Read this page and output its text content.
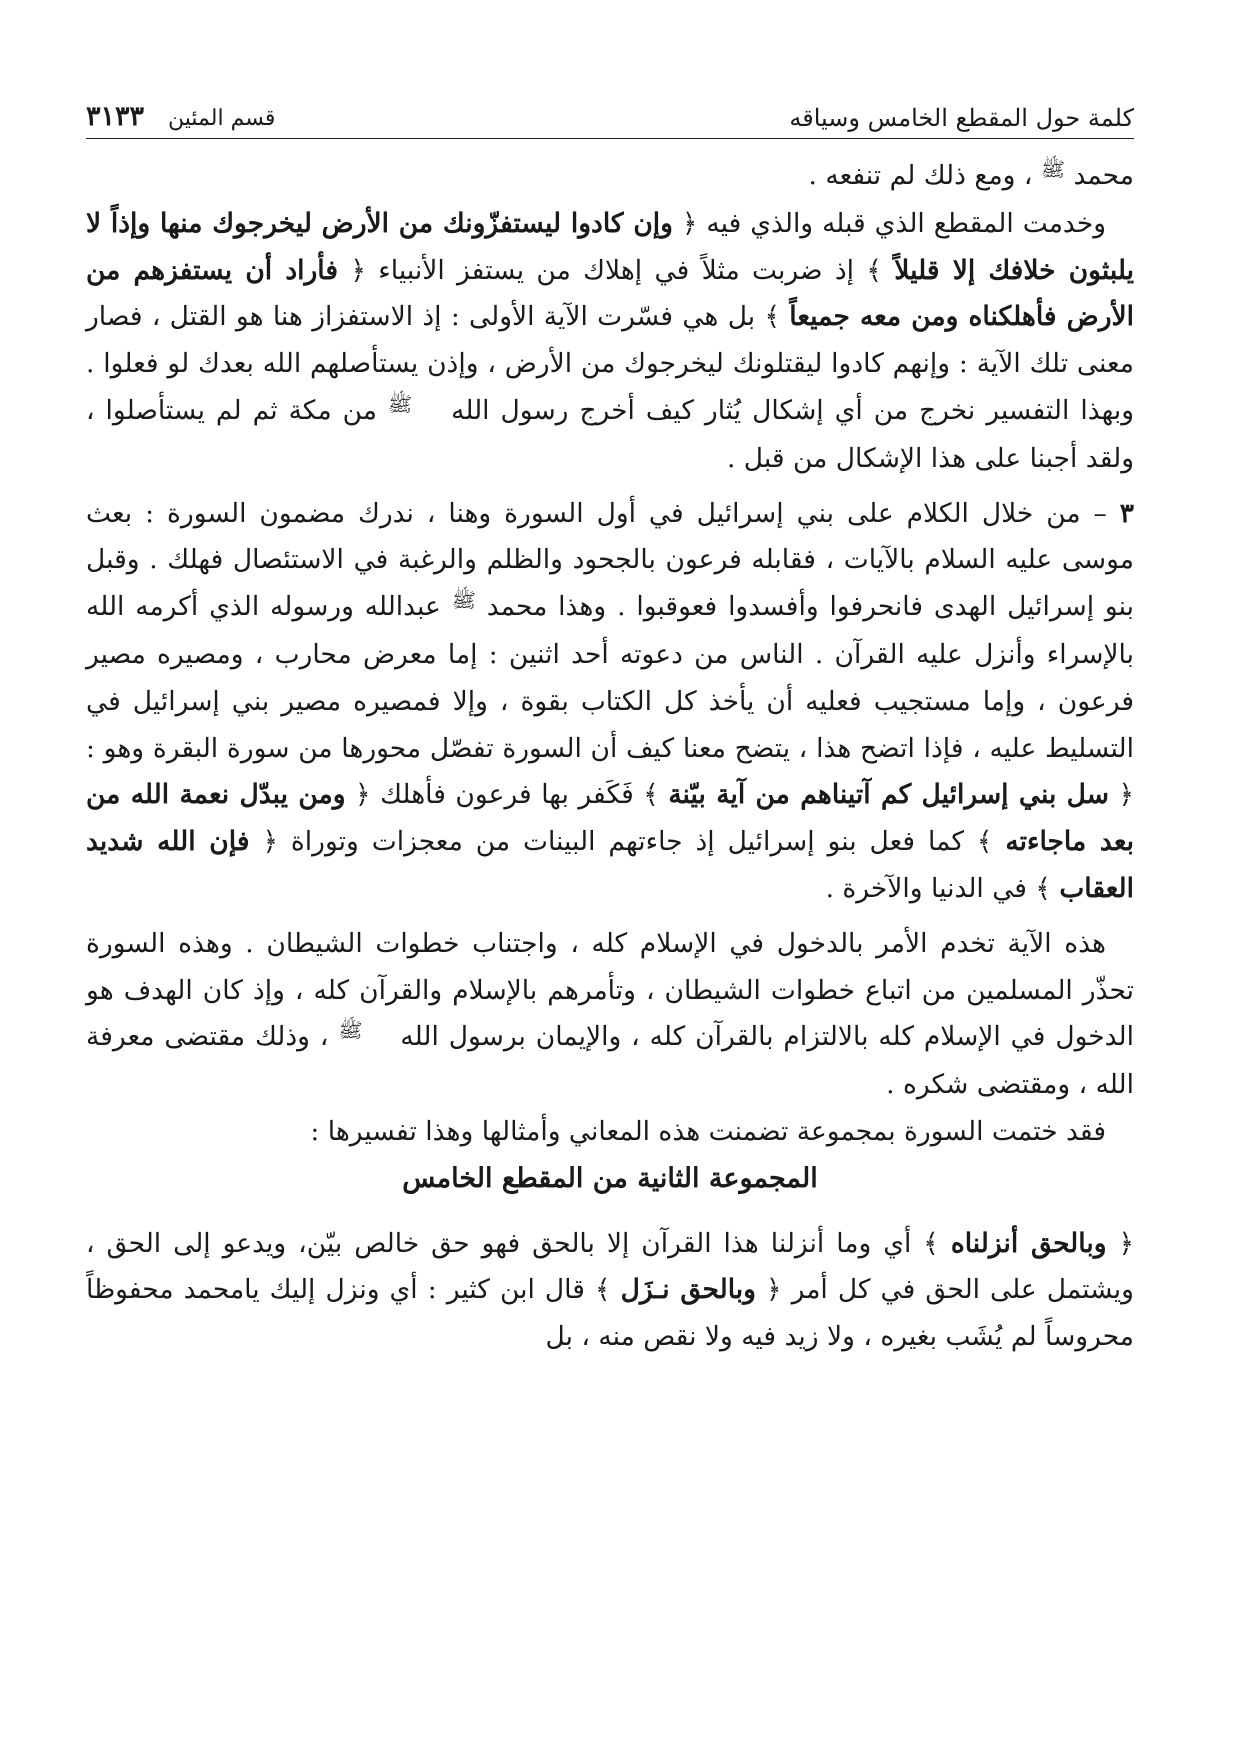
كلمة حول المقطع الخامس وسياقه
قسم المئين
٣١٣٣

محمد ﷺ ، ومع ذلك لم تنفعه .

وخدمت المقطع الذي قبله والذي فيه ﴿ وإن كادوا ليستفزّونك من الأرض ليخرجوك منها وإذاً لا يلبثون خلافك إلا قليلاً ﴾ إذ ضربت مثلاً في إهلاك من يستفز الأنبياء ﴿ فأراد أن يستفزهم من الأرض فأهلكناه ومن معه جميعاً ﴾ بل هي فسّرت الآية الأولى : إذ الاستفزاز هنا هو القتل ، فصار معنى تلك الآية : وإنهم كادوا ليقتلونك ليخرجوك من الأرض ، وإذن يستأصلهم الله بعدك لو فعلوا . وبهذا التفسير نخرج من أي إشكال يُثار كيف أخرج رسول الله ﷺ من مكة ثم لم يستأصلوا ، ولقد أجبنا على هذا الإشكال من قبل .

٣ – من خلال الكلام على بني إسرائيل في أول السورة وهنا ، ندرك مضمون السورة : بعث موسى عليه السلام بالآيات ، فقابله فرعون بالجحود والظلم والرغبة في الاستئصال فهلك . وقبل بنو إسرائيل الهدى فانحرفوا وأفسدوا فعوقبوا . وهذا محمد ﷺ عبدالله ورسوله الذي أكرمه الله بالإسراء وأنزل عليه القرآن . الناس من دعوته أحد اثنين : إما معرض محارب ، ومصيره مصير فرعون ، وإما مستجيب فعليه أن يأخذ كل الكتاب بقوة ، وإلا فمصيره مصير بني إسرائيل في التسليط عليه ، فإذا اتضح هذا ، يتضح معنا كيف أن السورة تفصّل محورها من سورة البقرة وهو : ﴿ سل بني إسرائيل كم آتيناهم من آية بيّنة ﴾ فَكَفر بها فرعون فأهلك ﴿ ومن يبدّل نعمة الله من بعد ماجاءته ﴾ كما فعل بنو إسرائيل إذ جاءتهم البينات من معجزات وتوراة ﴿ فإن الله شديد العقاب ﴾ في الدنيا والآخرة .

هذه الآية تخدم الأمر بالدخول في الإسلام كله ، واجتناب خطوات الشيطان . وهذه السورة تحذّر المسلمين من اتباع خطوات الشيطان ، وتأمرهم بالإسلام والقرآن كله ، وإذ كان الهدف هو الدخول في الإسلام كله بالالتزام بالقرآن كله ، والإيمان برسول الله ﷺ ، وذلك مقتضى معرفة الله ، ومقتضى شكره .

فقد ختمت السورة بمجموعة تضمنت هذه المعاني وأمثالها وهذا تفسيرها :

المجموعة الثانية من المقطع الخامس

﴿ وبالحق أنزلناه ﴾ أي وما أنزلنا هذا القرآن إلا بالحق فهو حق خالص بيّن، ويدعو إلى الحق ، ويشتمل على الحق في كل أمر ﴿ وبالحق نـزَل ﴾ قال ابن كثير : أي ونزل إليك يامحمد محفوظاً محروساً لم يُشَب بغيره ، ولا زيد فيه ولا نقص منه ، بل
